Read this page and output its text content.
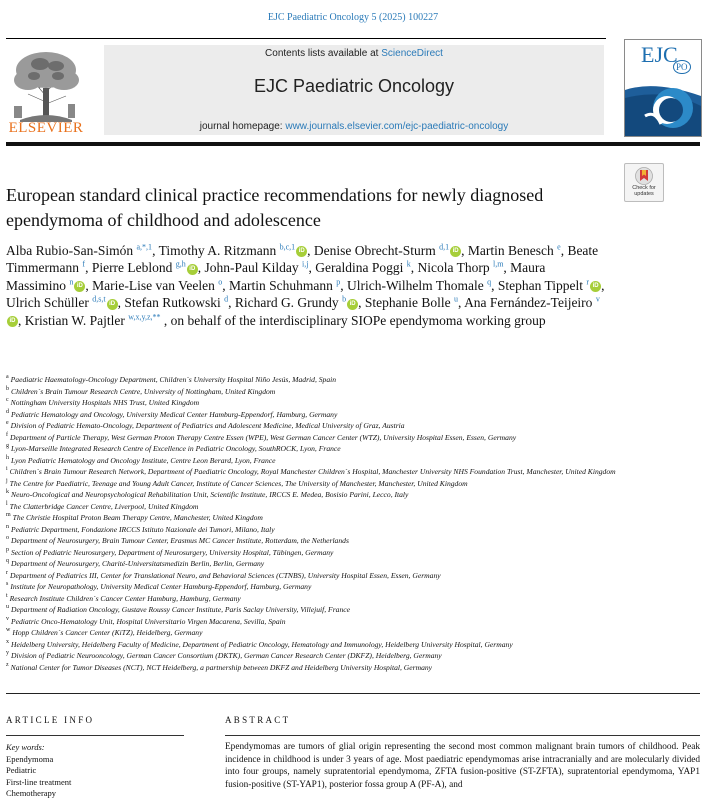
EJC Paediatric Oncology 5 (2025) 100227
ELSEVIER
Contents lists available at ScienceDirect
EJC Paediatric Oncology
journal homepage: www.journals.elsevier.com/ejc-paediatric-oncology
EJC
PO
Check for
updates
European standard clinical practice recommendations for newly diagnosed ependymoma of childhood and adolescence
Alba Rubio-San-Simón $^{a,*,1}$, Timothy A. Ritzmann $^{b,c,1}$ iD , Denise Obrecht-Sturm $^{d,1}$ iD , Martin Benesch $^e$, Beate Timmermann $^f$, Pierre Leblond $^{g,h}$ iD , John-Paul Kilday $^{i,j}$, Geraldina Poggi $^k$, Nicola Thorp $^{l,m}$, Maura Massimino $^n$ iD , Marie-Lise van Veelen $^o$, Martin Schuhmann $^p$, Ulrich-Wilhelm Thomale $^q$, Stephan Tippelt $^r$ iD , Ulrich Schüller $^{d,s,t}$ iD , Stefan Rutkowski $^d$, Richard G. Grundy $^b$ iD , Stephanie Bolle $^u$, Ana Fernández-Teijeiro $^v$iD , Kristian W. Pajtler $^{w,x,y,z,**}$ , on behalf of the interdisciplinary SIOPe ependymoma working group
$^a$ Paediatric Haematology-Oncology Department, Children´s University Hospital Niño Jesús, Madrid, Spain
$^b$ Children´s Brain Tumour Research Centre, University of Nottingham, United Kingdom
$^c$ Nottingham University Hospitals NHS Trust, United Kingdom
$^d$ Pediatric Hematology and Oncology, University Medical Center Hamburg-Eppendorf, Hamburg, Germany
$^e$ Division of Pediatric Hemato-Oncology, Department of Pediatrics and Adolescent Medicine, Medical University of Graz, Austria
$^f$ Department of Particle Therapy, West German Proton Therapy Centre Essen (WPE), West German Cancer Center (WTZ), University Hospital Essen, Essen, Germany
$^g$ Lyon-Marseille Integrated Research Centre of Excellence in Pediatric Oncology, SouthROCK, Lyon, France
$^h$ Lyon Pediatric Hematology and Oncology Institute, Centre Leon Berard, Lyon, France
$^i$ Children´s Brain Tumour Research Network, Department of Paediatric Oncology, Royal Manchester Children´s Hospital, Manchester University NHS Foundation Trust, Manchester, United Kingdom
$^j$ The Centre for Paediatric, Teenage and Young Adult Cancer, Institute of Cancer Sciences, The University of Manchester, Manchester, United Kingdom
$^k$ Neuro-Oncological and Neuropsychological Rehabilitation Unit, Scientific Institute, IRCCS E. Medea, Bosisio Parini, Lecco, Italy
$^l$ The Clatterbridge Cancer Centre, Liverpool, United Kingdom
$^m$ The Christie Hospital Proton Beam Therapy Centre, Manchester, United Kingdom
$^n$ Pediatric Department, Fondazione IRCCS Istituto Nazionale dei Tumori, Milano, Italy
$^o$ Department of Neurosurgery, Brain Tumour Center, Erasmus MC Cancer Institute, Rotterdam, the Netherlands
$^p$ Section of Pediatric Neurosurgery, Department of Neurosurgery, University Hospital, Tübingen, Germany
$^q$ Department of Neurosurgery, Charité-Universitatsmedizin Berlin, Berlin, Germany
$^r$ Department of Pediatrics III, Center for Translational Neuro, and Behavioral Sciences (CTNBS), University Hospital Essen, Essen, Germany
$^s$ Institute for Neuropathology, University Medical Center Hamburg-Eppendorf, Hamburg, Germany
$^t$ Research Institute Children´s Cancer Center Hamburg, Hamburg, Germany
$^u$ Department of Radiation Oncology, Gustave Roussy Cancer Institute, Paris Saclay University, Villejuif, France
$^v$ Pediatric Onco-Hematology Unit, Hospital Universitario Virgen Macarena, Sevilla, Spain
$^w$ Hopp Children´s Cancer Center (KiTZ), Heidelberg, Germany
$^x$ Heidelberg University, Heidelberg Faculty of Medicine, Department of Pediatric Oncology, Hematology and Immunology, Heidelberg University Hospital, Germany
$^y$ Division of Pediatric Neurooncology, German Cancer Consortium (DKTK), German Cancer Research Center (DKFZ), Heidelberg, Germany
$^z$ National Center for Tumor Diseases (NCT), NCT Heidelberg, a partnership between DKFZ and Heidelberg University Hospital, Germany
ARTICLE INFO	ABSTRACT
Key words:
Ependymoma
Pediatric
First-line treatment
Chemotherapy
Ependymomas are tumors of glial origin representing the second most common malignant brain tumors of childhood. Peak incidence in childhood is under 3 years of age. Most paediatric ependymomas arise intracranially and are molecularly divided into four groups, namely supratentorial ependymoma, ZFTA fusion-positive (ST-ZFTA), supratentorial ependymoma, YAP1 fusion-positive (ST-YAP1), posterior fossa group A (PF-A), and
